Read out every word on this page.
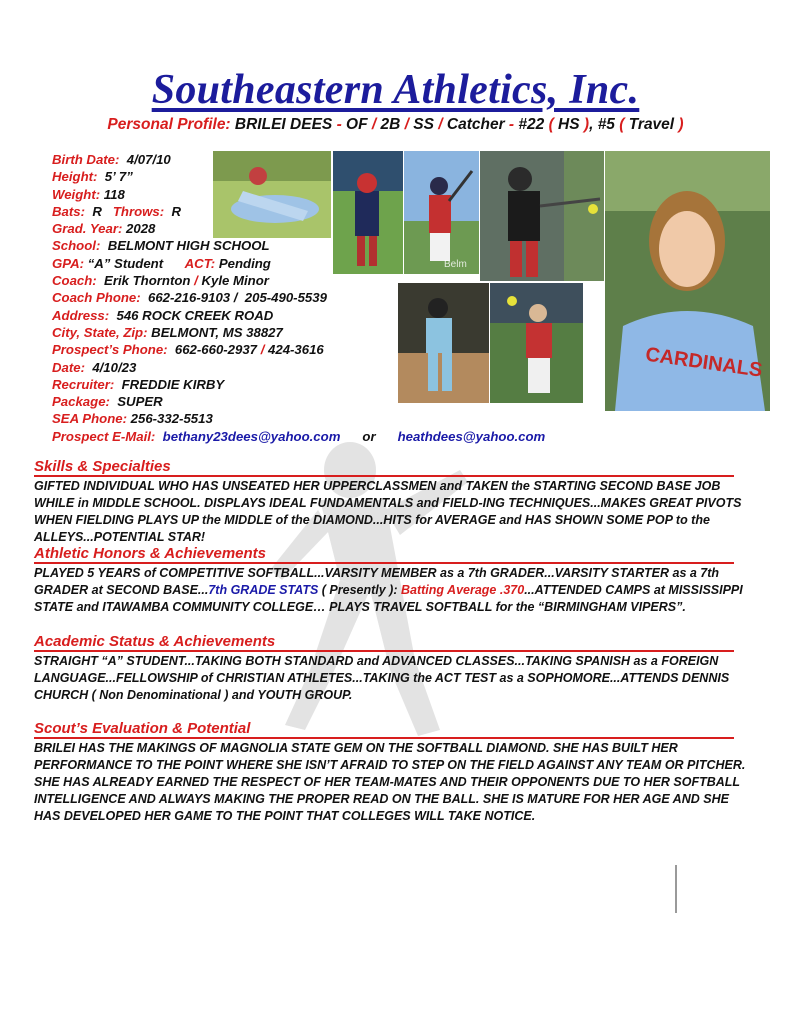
Southeastern Athletics, Inc.
Personal Profile: BRILEI DEES - OF / 2B / SS / Catcher - #22 ( HS ), #5 ( Travel )
Birth Date: 4/07/10
Height: 5’ 7”
Weight: 118
Bats: R Throws: R
Grad. Year: 2028
School: BELMONT HIGH SCHOOL
GPA: “A” Student ACT: Pending
Coach: Erik Thornton / Kyle Minor
Coach Phone: 662-216-9103 / 205-490-5539
Address: 546 ROCK CREEK ROAD
City, State, Zip: BELMONT, MS 38827
Prospect’s Phone: 662-660-2937 / 424-3616
Date: 4/10/23
Recruiter: FREDDIE KIRBY
Package: SUPER
SEA Phone: 256-332-5513
Prospect E-Mail: bethany23dees@yahoo.com or heathdees@yahoo.com
Belm
CARDINALS
Skills & Specialties
GIFTED INDIVIDUAL WHO HAS UNSEATED HER UPPERCLASSMEN and TAKEN the STARTING SECOND BASE JOB WHILE in MIDDLE SCHOOL. DISPLAYS IDEAL FUNDAMENTALS and FIELD-ING TECHNIQUES...MAKES GREAT PIVOTS WHEN FIELDING PLAYS UP the MIDDLE of the DIAMOND...HITS for AVERAGE and HAS SHOWN SOME POP to the ALLEYS...POTENTIAL STAR!
Athletic Honors & Achievements
PLAYED 5 YEARS of COMPETITIVE SOFTBALL...VARSITY MEMBER as a 7th GRADER...VARSITY STARTER as a 7th GRADER at SECOND BASE...7th GRADE STATS ( Presently ): Batting Average .370...ATTENDED CAMPS at MISSISSIPPI STATE and ITAWAMBA COMMUNITY COLLEGE… PLAYS TRAVEL SOFTBALL for the “BIRMINGHAM VIPERS”.
Academic Status & Achievements
STRAIGHT “A” STUDENT...TAKING BOTH STANDARD and ADVANCED CLASSES...TAKING SPANISH as a FOREIGN LANGUAGE...FELLOWSHIP of CHRISTIAN ATHLETES...TAKING the ACT TEST as a SOPHOMORE...ATTENDS DENNIS CHURCH ( Non Denominational ) and YOUTH GROUP.
Scout’s Evaluation & Potential
BRILEI HAS THE MAKINGS OF MAGNOLIA STATE GEM ON THE SOFTBALL DIAMOND. SHE HAS BUILT HER PERFORMANCE TO THE POINT WHERE SHE ISN’T AFRAID TO STEP ON THE FIELD AGAINST ANY TEAM OR PITCHER. SHE HAS ALREADY EARNED THE RESPECT OF HER TEAM-MATES AND THEIR OPPONENTS DUE TO HER SOFTBALL INTELLIGENCE AND ALWAYS MAKING THE PROPER READ ON THE BALL. SHE IS MATURE FOR HER AGE AND SHE HAS DEVELOPED HER GAME TO THE POINT THAT COLLEGES WILL TAKE NOTICE.
